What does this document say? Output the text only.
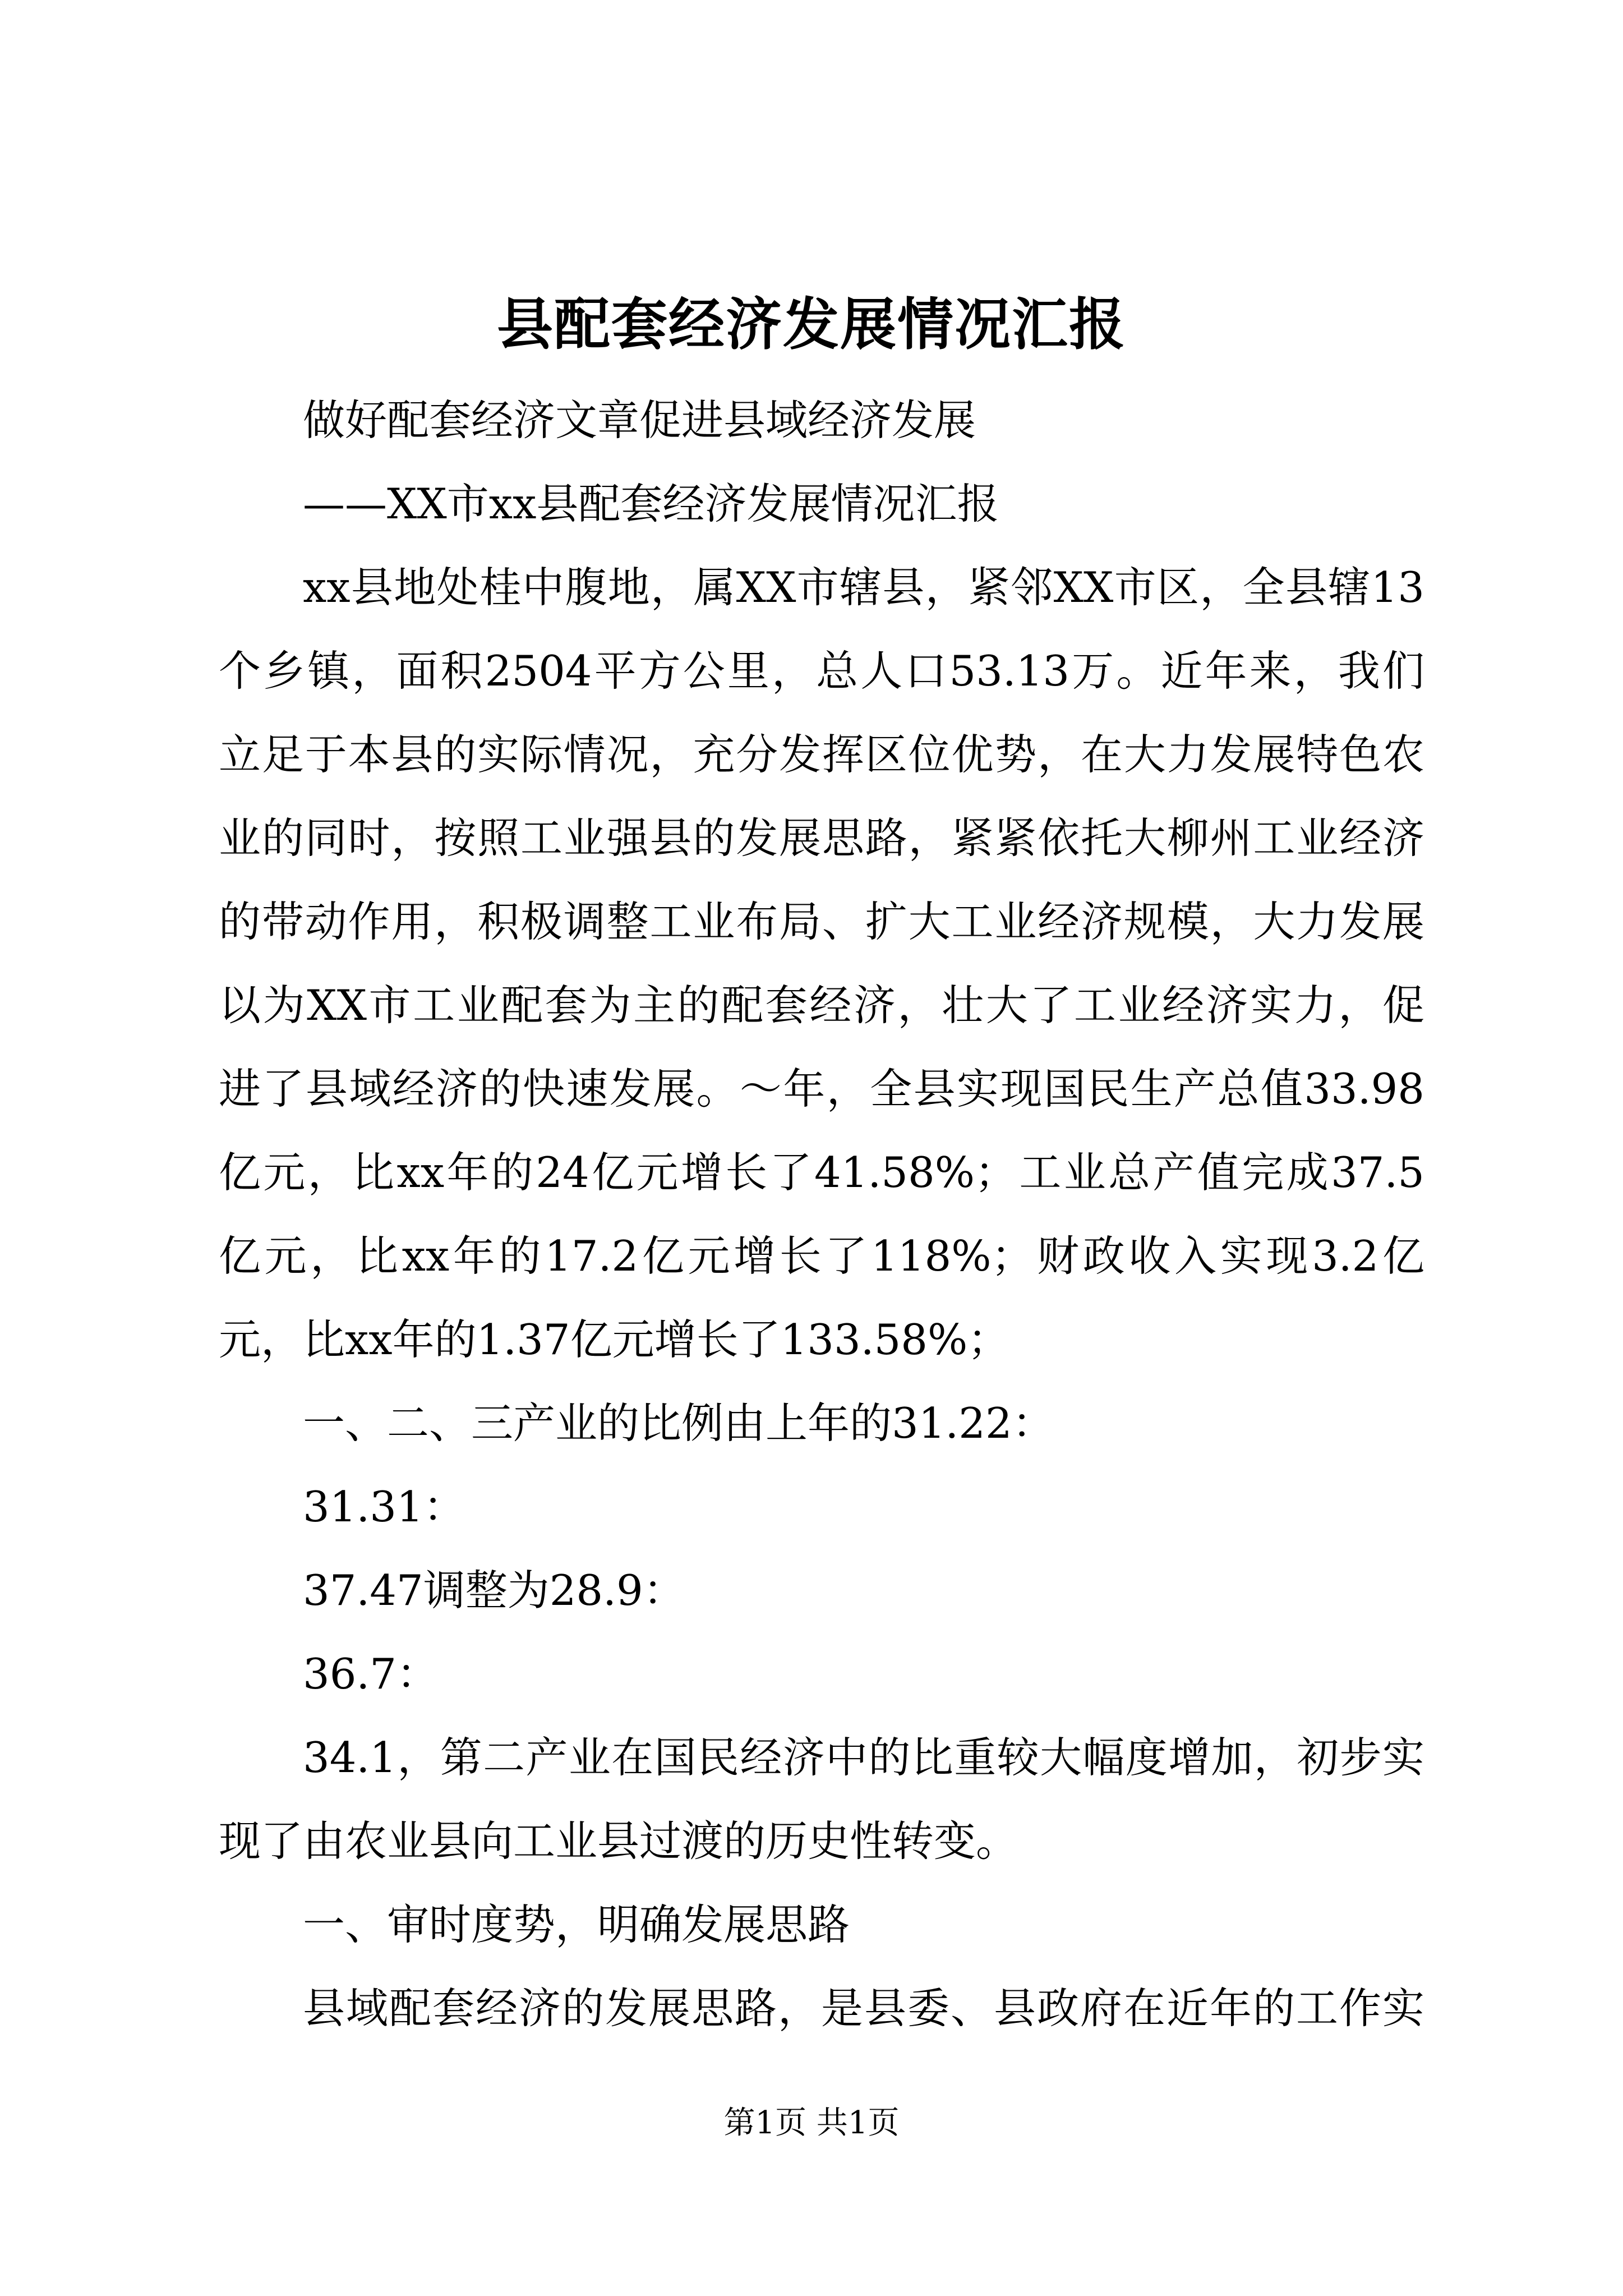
县配套经济发展情况汇报
做好配套经济文章促进县域经济发展
——XX市xx县配套经济发展情况汇报
xx县地处桂中腹地，属XX市辖县，紧邻XX市区，全县辖13
个乡镇，面积2504平方公里，总人口53.13万。近年来，我们
立足于本县的实际情况，充分发挥区位优势，在大力发展特色农
业的同时，按照工业强县的发展思路，紧紧依托大柳州工业经济
的带动作用，积极调整工业布局、扩大工业经济规模，大力发展
以为XX市工业配套为主的配套经济，壮大了工业经济实力，促
进了县域经济的快速发展。～年，全县实现国民生产总值33.98
亿元，比xx年的24亿元增长了41.58%；工业总产值完成37.5
亿元，比xx年的17.2亿元增长了118%；财政收入实现3.2亿
元，比xx年的1.37亿元增长了133.58%；
一、二、三产业的比例由上年的31.22：
31.31：
37.47调整为28.9：
36.7：
34.1，第二产业在国民经济中的比重较大幅度增加，初步实
现了由农业县向工业县过渡的历史性转变。
一、审时度势，明确发展思路
县域配套经济的发展思路，是县委、县政府在近年的工作实
第1页 共1页
